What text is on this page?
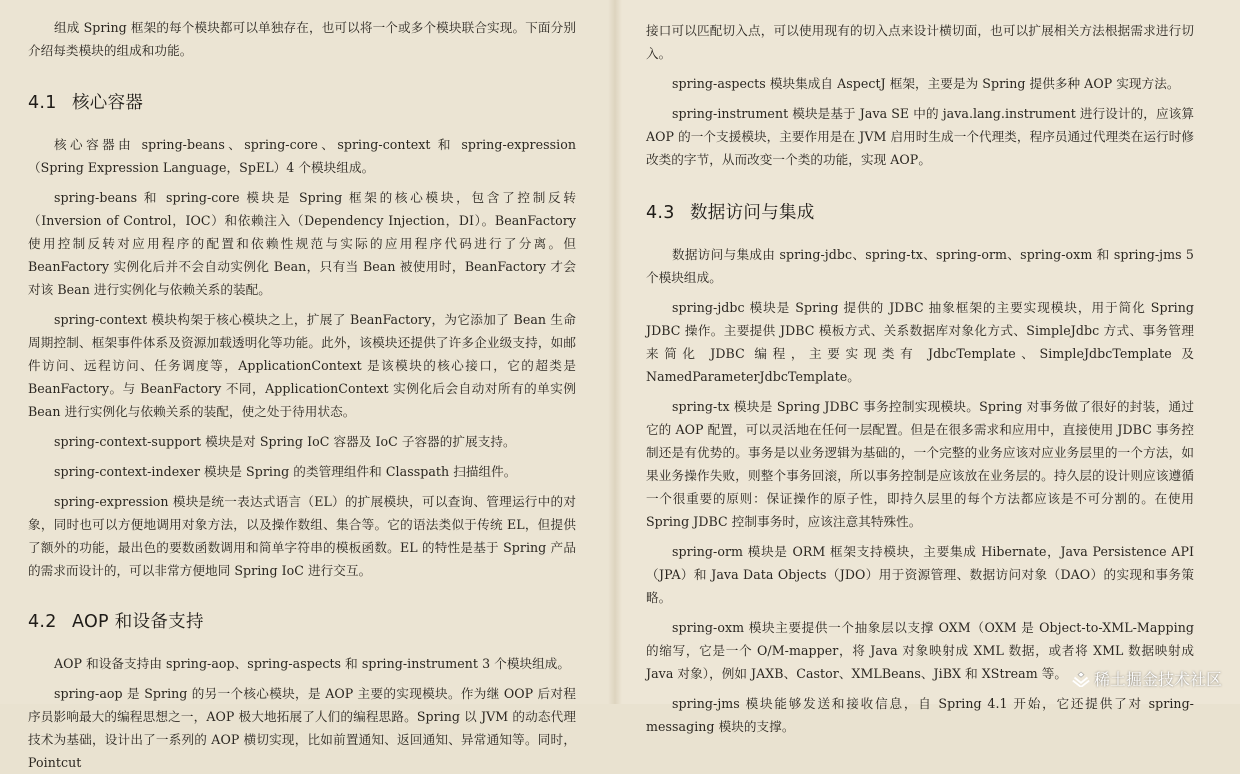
组成 Spring 框架的每个模块都可以单独存在，也可以将一个或多个模块联合实现。下面分别介绍每类模块的组成和功能。

4.1 核心容器

核心容器由 spring-beans、spring-core、spring-context 和 spring-expression（Spring Expression Language，SpEL）4 个模块组成。

spring-beans 和 spring-core 模块是 Spring 框架的核心模块，包含了控制反转（Inversion of Control，IOC）和依赖注入（Dependency Injection，DI）。BeanFactory 使用控制反转对应用程序的配置和依赖性规范与实际的应用程序代码进行了分离。但 BeanFactory 实例化后并不会自动实例化 Bean，只有当 Bean 被使用时，BeanFactory 才会对该 Bean 进行实例化与依赖关系的装配。

spring-context 模块构架于核心模块之上，扩展了 BeanFactory，为它添加了 Bean 生命周期控制、框架事件体系及资源加载透明化等功能。此外，该模块还提供了许多企业级支持，如邮件访问、远程访问、任务调度等，ApplicationContext 是该模块的核心接口，它的超类是 BeanFactory。与 BeanFactory 不同，ApplicationContext 实例化后会自动对所有的单实例 Bean 进行实例化与依赖关系的装配，使之处于待用状态。

spring-context-support 模块是对 Spring IoC 容器及 IoC 子容器的扩展支持。

spring-context-indexer 模块是 Spring 的类管理组件和 Classpath 扫描组件。

spring-expression 模块是统一表达式语言（EL）的扩展模块，可以查询、管理运行中的对象，同时也可以方便地调用对象方法，以及操作数组、集合等。它的语法类似于传统 EL，但提供了额外的功能，最出色的要数函数调用和简单字符串的模板函数。EL 的特性是基于 Spring 产品的需求而设计的，可以非常方便地同 Spring IoC 进行交互。

4.2 AOP 和设备支持

AOP 和设备支持由 spring-aop、spring-aspects 和 spring-instrument 3 个模块组成。

spring-aop 是 Spring 的另一个核心模块，是 AOP 主要的实现模块。作为继 OOP 后对程序员影响最大的编程思想之一，AOP 极大地拓展了人们的编程思路。Spring 以 JVM 的动态代理技术为基础，设计出了一系列的 AOP 横切实现，比如前置通知、返回通知、异常通知等。同时，Pointcut

接口可以匹配切入点，可以使用现有的切入点来设计横切面，也可以扩展相关方法根据需求进行切入。

spring-aspects 模块集成自 AspectJ 框架，主要是为 Spring 提供多种 AOP 实现方法。

spring-instrument 模块是基于 Java SE 中的 java.lang.instrument 进行设计的，应该算 AOP 的一个支援模块，主要作用是在 JVM 启用时生成一个代理类，程序员通过代理类在运行时修改类的字节，从而改变一个类的功能，实现 AOP。

4.3 数据访问与集成

数据访问与集成由 spring-jdbc、spring-tx、spring-orm、spring-oxm 和 spring-jms 5 个模块组成。

spring-jdbc 模块是 Spring 提供的 JDBC 抽象框架的主要实现模块，用于简化 Spring JDBC 操作。主要提供 JDBC 模板方式、关系数据库对象化方式、SimpleJdbc 方式、事务管理来简化 JDBC 编程，主要实现类有 JdbcTemplate、SimpleJdbcTemplate 及 NamedParameterJdbcTemplate。

spring-tx 模块是 Spring JDBC 事务控制实现模块。Spring 对事务做了很好的封装，通过它的 AOP 配置，可以灵活地在任何一层配置。但是在很多需求和应用中，直接使用 JDBC 事务控制还是有优势的。事务是以业务逻辑为基础的，一个完整的业务应该对应业务层里的一个方法，如果业务操作失败，则整个事务回滚，所以事务控制是应该放在业务层的。持久层的设计则应该遵循一个很重要的原则：保证操作的原子性，即持久层里的每个方法都应该是不可分割的。在使用 Spring JDBC 控制事务时，应该注意其特殊性。

spring-orm 模块是 ORM 框架支持模块，主要集成 Hibernate，Java Persistence API（JPA）和 Java Data Objects（JDO）用于资源管理、数据访问对象（DAO）的实现和事务策略。

spring-oxm 模块主要提供一个抽象层以支撑 OXM（OXM 是 Object-to-XML-Mapping 的缩写，它是一个 O/M-mapper，将 Java 对象映射成 XML 数据，或者将 XML 数据映射成 Java 对象），例如 JAXB、Castor、XMLBeans、JiBX 和 XStream 等。

spring-jms 模块能够发送和接收信息，自 Spring 4.1 开始，它还提供了对 spring-messaging 模块的支撑。

稀土掘金技术社区
